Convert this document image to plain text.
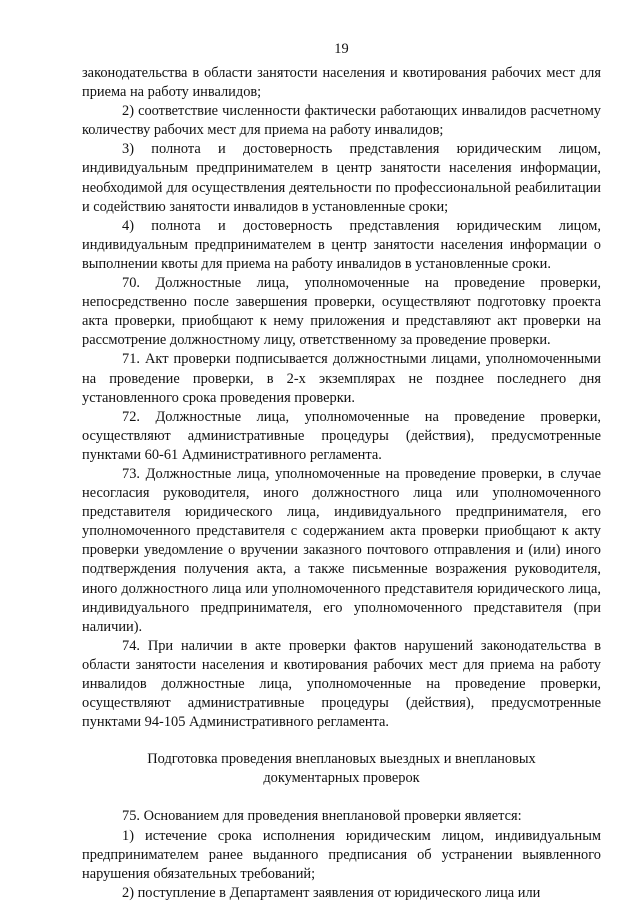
19

законодательства в области занятости населения и квотирования рабочих мест для приема на работу инвалидов;

2) соответствие численности фактически работающих инвалидов расчетному количеству рабочих мест для приема на работу инвалидов;

3) полнота и достоверность представления юридическим лицом, индивидуальным предпринимателем в центр занятости населения информации, необходимой для осуществления деятельности по профессиональной реабилитации и содействию занятости инвалидов в установленные сроки;

4) полнота и достоверность представления юридическим лицом, индивидуальным предпринимателем в центр занятости населения информации о выполнении квоты для приема на работу инвалидов в установленные сроки.

70. Должностные лица, уполномоченные на проведение проверки, непосредственно после завершения проверки, осуществляют подготовку проекта акта проверки, приобщают к нему приложения и представляют акт проверки на рассмотрение должностному лицу, ответственному за проведение проверки.

71. Акт проверки подписывается должностными лицами, уполномоченными на проведение проверки, в 2-х экземплярах не позднее последнего дня установленного срока проведения проверки.

72. Должностные лица, уполномоченные на проведение проверки, осуществляют административные процедуры (действия), предусмотренные пунктами 60-61 Административного регламента.

73. Должностные лица, уполномоченные на проведение проверки, в случае несогласия руководителя, иного должностного лица или уполномоченного представителя юридического лица, индивидуального предпринимателя, его уполномоченного представителя с содержанием акта проверки приобщают к акту проверки уведомление о вручении заказного почтового отправления и (или) иного подтверждения получения акта, а также письменные возражения руководителя, иного должностного лица или уполномоченного представителя юридического лица, индивидуального предпринимателя, его уполномоченного представителя (при наличии).

74. При наличии в акте проверки фактов нарушений законодательства в области занятости населения и квотирования рабочих мест для приема на работу инвалидов должностные лица, уполномоченные на проведение проверки, осуществляют административные процедуры (действия), предусмотренные пунктами 94-105 Административного регламента.

Подготовка проведения внеплановых выездных и внеплановых
документарных проверок

75. Основанием для проведения внеплановой проверки является:

1) истечение срока исполнения юридическим лицом, индивидуальным предпринимателем ранее выданного предписания об устранении выявленного нарушения обязательных требований;

2) поступление в Департамент заявления от юридического лица или
